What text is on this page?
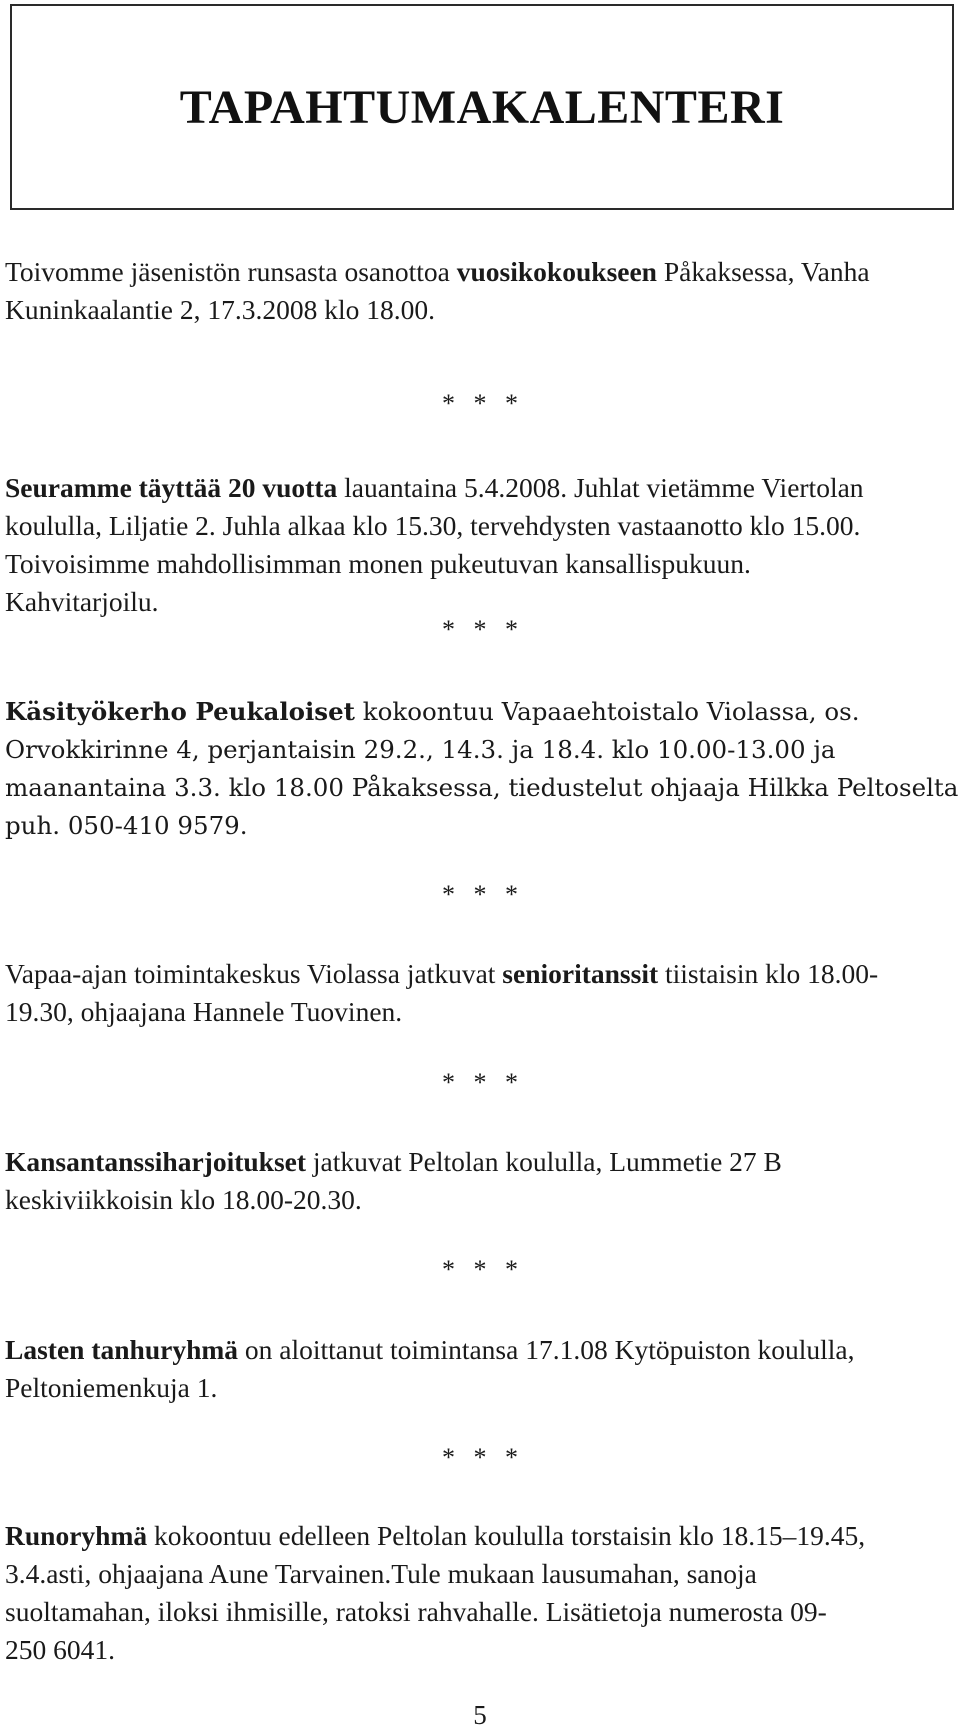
TAPAHTUMAKALENTERI
Toivomme jäsenistön runsasta osanottoa vuosikokoukseen Påkaksessa, Vanha
Kuninkaalantie 2, 17.3.2008 klo 18.00.
* * *
Seuramme täyttää 20 vuotta lauantaina 5.4.2008. Juhlat vietämme Viertolan
koululla, Liljatie 2. Juhla alkaa klo 15.30, tervehdysten vastaanotto klo 15.00.
Toivoisimme mahdollisimman monen pukeutuvan kansallispukuun.
Kahvitarjoilu.
* * *
Käsityökerho Peukaloiset kokoontuu Vapaaehtoistalo Violassa, os.
Orvokkirinne 4, perjantaisin 29.2., 14.3. ja 18.4. klo 10.00-13.00 ja
maanantaina 3.3. klo 18.00 Påkaksessa, tiedustelut ohjaaja Hilkka Peltoselta
puh. 050-410 9579.
* * *
Vapaa-ajan toimintakeskus Violassa jatkuvat senioritanssit tiistaisin klo 18.00-
19.30, ohjaajana Hannele Tuovinen.
* * *
Kansantanssiharjoitukset jatkuvat Peltolan koululla, Lummetie 27 B
keskiviikkoisin klo 18.00-20.30.
* * *
Lasten tanhuryhmä on aloittanut toimintansa 17.1.08 Kytöpuiston koululla,
Peltoniemenkuja 1.
* * *
Runoryhmä kokoontuu edelleen Peltolan koululla torstaisin klo 18.15–19.45,
3.4.asti, ohjaajana Aune Tarvainen.Tule mukaan lausumahan, sanoja
suoltamahan, iloksi ihmisille, ratoksi rahvahalle. Lisätietoja numerosta 09-
250 6041.
5
